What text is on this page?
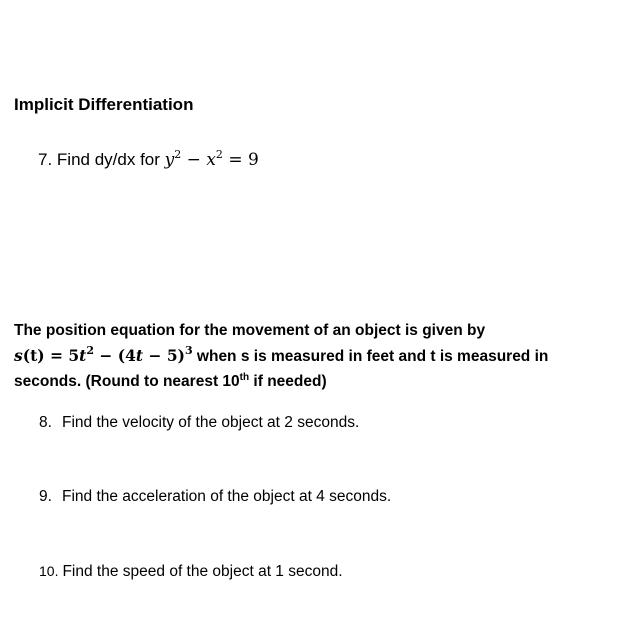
Implicit Differentiation
7. Find dy/dx for $y^2 - x^2 = 9$
The position equation for the movement of an object is given by
$s(t) = 5t^2 - (4t - 5)^3$ when s is measured in feet and t is measured in
seconds. (Round to nearest 10th if needed)
8. Find the velocity of the object at 2 seconds.
9. Find the acceleration of the object at 4 seconds.
10. Find the speed of the object at 1 second.
